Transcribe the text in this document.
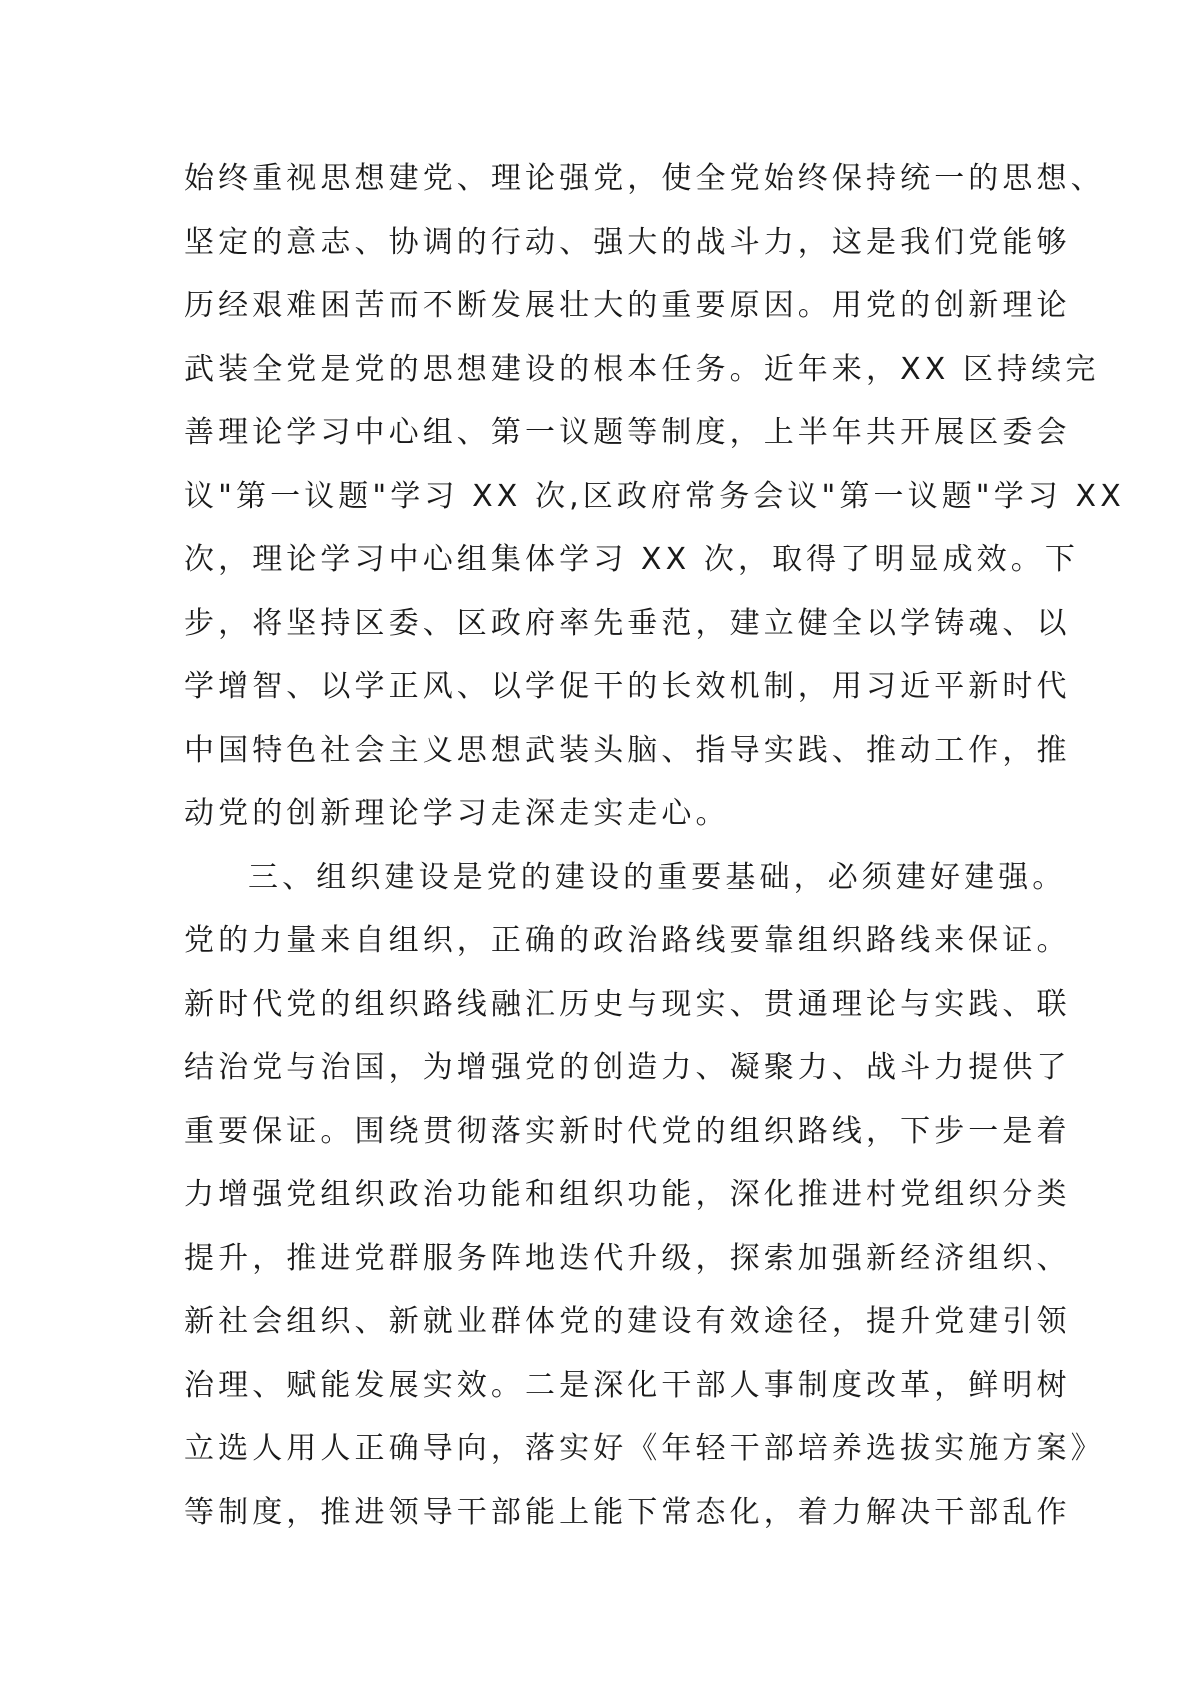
始终重视思想建党、理论强党，使全党始终保持统一的思想、
坚定的意志、协调的行动、强大的战斗力，这是我们党能够
历经艰难困苦而不断发展壮大的重要原因。用党的创新理论
武装全党是党的思想建设的根本任务。近年来，XX 区持续完
善理论学习中心组、第一议题等制度，上半年共开展区委会
议"第一议题"学习 XX 次,区政府常务会议"第一议题"学习 XX
次，理论学习中心组集体学习 XX 次，取得了明显成效。下
步，将坚持区委、区政府率先垂范，建立健全以学铸魂、以
学增智、以学正风、以学促干的长效机制，用习近平新时代
中国特色社会主义思想武装头脑、指导实践、推动工作，推
动党的创新理论学习走深走实走心。
三、组织建设是党的建设的重要基础，必须建好建强。
党的力量来自组织，正确的政治路线要靠组织路线来保证。
新时代党的组织路线融汇历史与现实、贯通理论与实践、联
结治党与治国，为增强党的创造力、凝聚力、战斗力提供了
重要保证。围绕贯彻落实新时代党的组织路线，下步一是着
力增强党组织政治功能和组织功能，深化推进村党组织分类
提升，推进党群服务阵地迭代升级，探索加强新经济组织、
新社会组织、新就业群体党的建设有效途径，提升党建引领
治理、赋能发展实效。二是深化干部人事制度改革，鲜明树
立选人用人正确导向，落实好《年轻干部培养选拔实施方案》
等制度，推进领导干部能上能下常态化，着力解决干部乱作
